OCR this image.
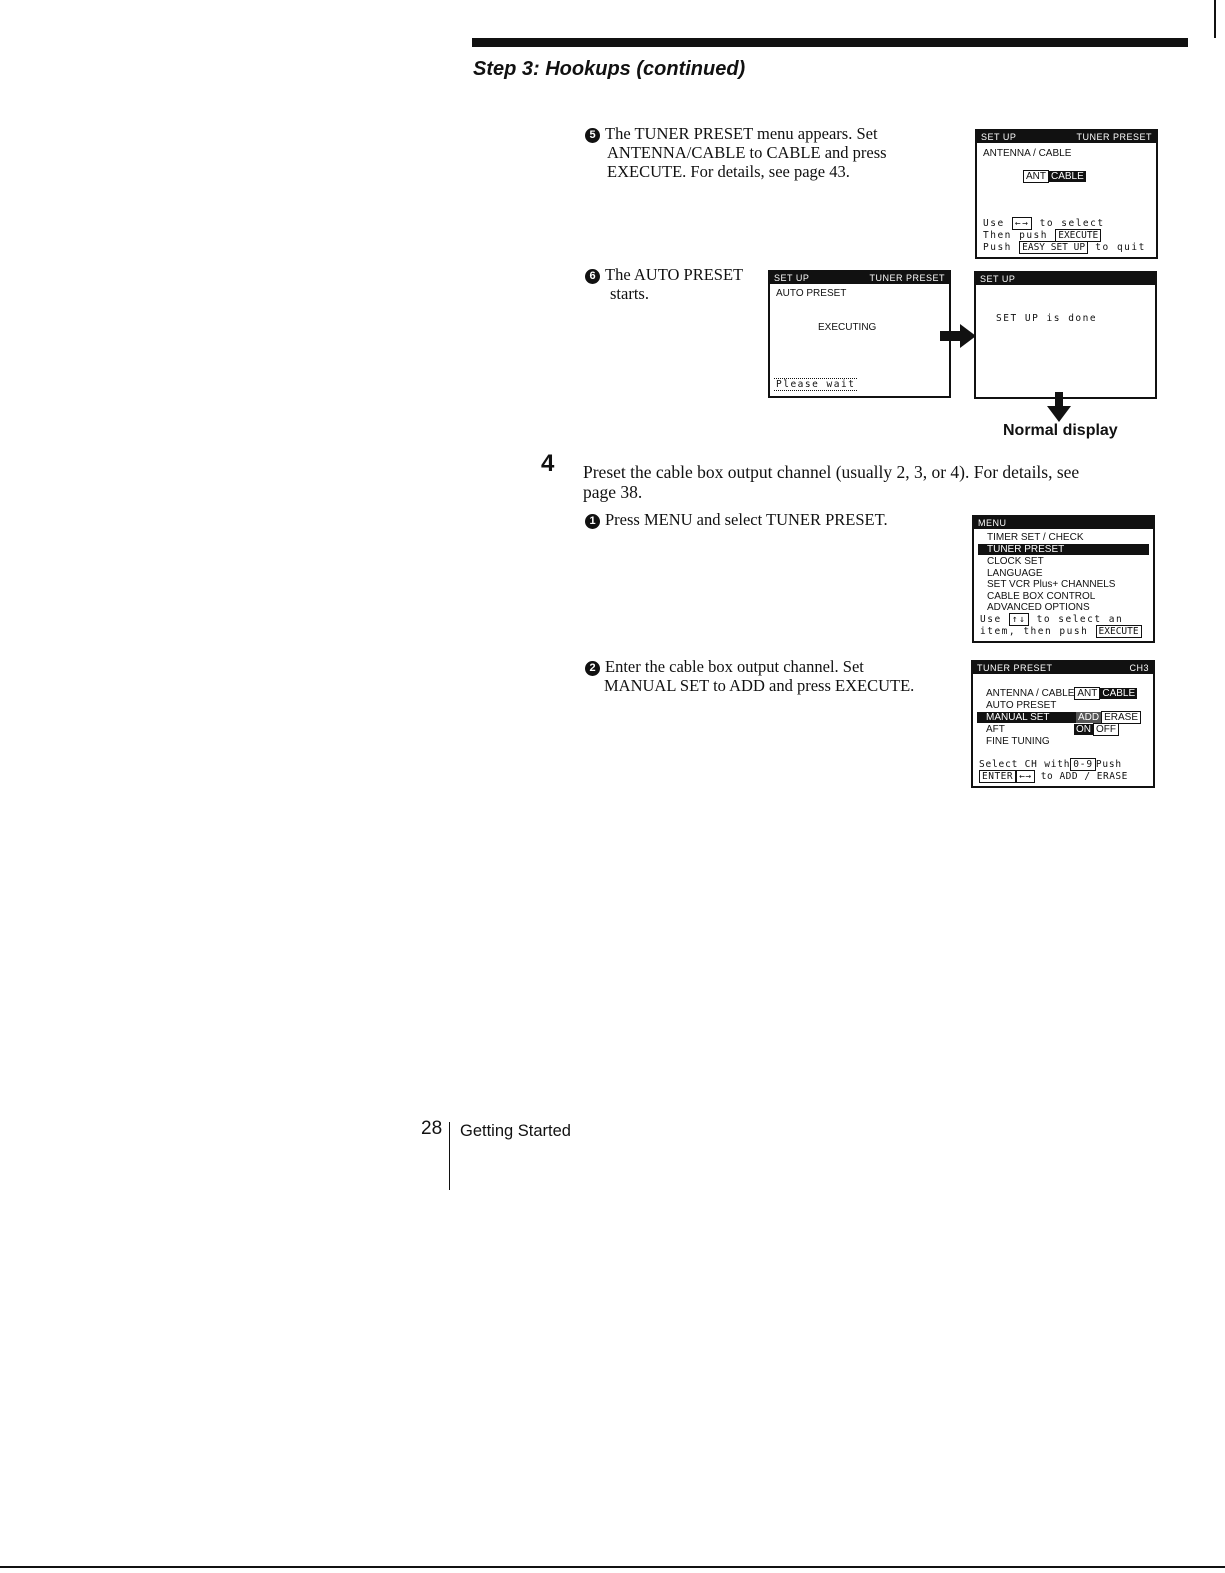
Step 3: Hookups (continued)
5 The TUNER PRESET menu appears. Set
ANTENNA/CABLE to CABLE and press
EXECUTE. For details, see page 43.
SET UP	TUNER PRESET
ANTENNA / CABLE
ANT CABLE
Use ←→ to select
Then push EXECUTE
Push EASY SET UP to quit
6 The AUTO PRESET
starts.
SET UP	TUNER PRESET
AUTO PRESET
EXECUTING
Please wait
SET UP
SET UP is done
Normal display
4 Preset the cable box output channel (usually 2, 3, or 4). For details, see
page 38.
1 Press MENU and select TUNER PRESET.	MENU
TIMER SET / CHECK
TUNER PRESET
CLOCK SET
LANGUAGE
SET VCR Plus+ CHANNELS
CABLE BOX CONTROL
ADVANCED OPTIONS
Use ↑↓ to select an
item, then push EXECUTE
2 Enter the cable box output channel. Set
MANUAL SET to ADD and press EXECUTE.
TUNER PRESET	CH3
ANTENNA / CABLE ANT CABLE
AUTO PRESET
MANUAL SET	ADD ERASE
AFT	ON OFF
FINE TUNING
Select CH with 0-9 Push
ENTER ←→ to ADD / ERASE
28 Getting Started
